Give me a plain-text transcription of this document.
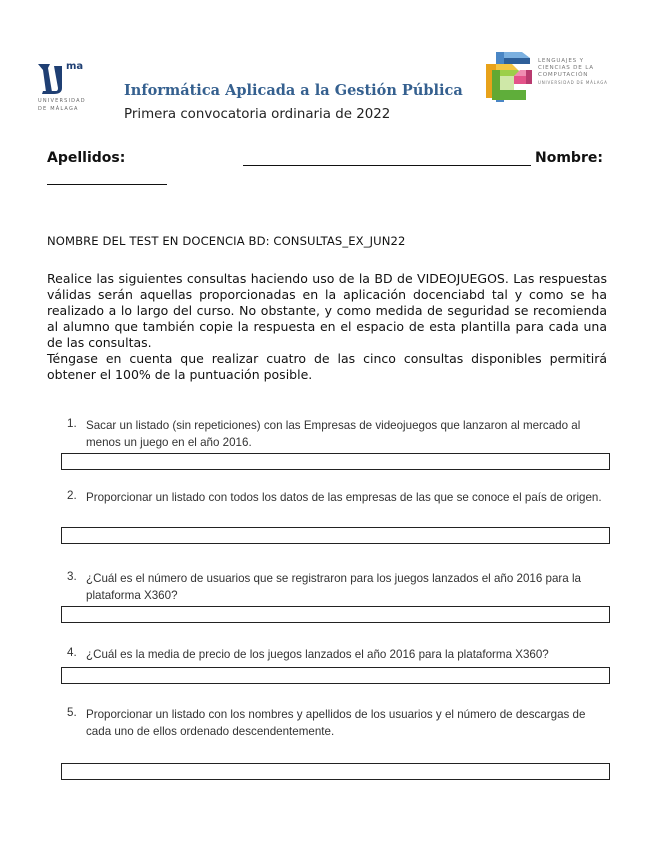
ma
UNIVERSIDAD
DE MÁLAGA
Informática Aplicada a la Gestión Pública
Primera convocatoria ordinaria de 2022
LENGUAJES Y
CIENCIAS DE LA
COMPUTACIÓN
UNIVERSIDAD DE MÁLAGA
Apellidos:	Nombre:
NOMBRE DEL TEST EN DOCENCIA BD: CONSULTAS_EX_JUN22

Realice las siguientes consultas haciendo uso de la BD de VIDEOJUEGOS. Las respuestas válidas serán aquellas proporcionadas en la aplicación docenciabd tal y como se ha realizado a lo largo del curso. No obstante, y como medida de seguridad se recomienda al alumno que también copie la respuesta en el espacio de esta plantilla para cada una de las consultas.

Téngase en cuenta que realizar cuatro de las cinco consultas disponibles permitirá obtener el 100% de la puntuación posible.

1. Sacar un listado (sin repeticiones) con las Empresas de videojuegos que lanzaron al mercado al menos un juego en el año 2016.
2. Proporcionar un listado con todos los datos de las empresas de las que se conoce el país de origen.
3. ¿Cuál es el número de usuarios que se registraron para los juegos lanzados el año 2016 para la plataforma X360?
4. ¿Cuál es la media de precio de los juegos lanzados el año 2016 para la plataforma X360?
5. Proporcionar un listado con los nombres y apellidos de los usuarios y el número de descargas de cada uno de ellos ordenado descendentemente.
